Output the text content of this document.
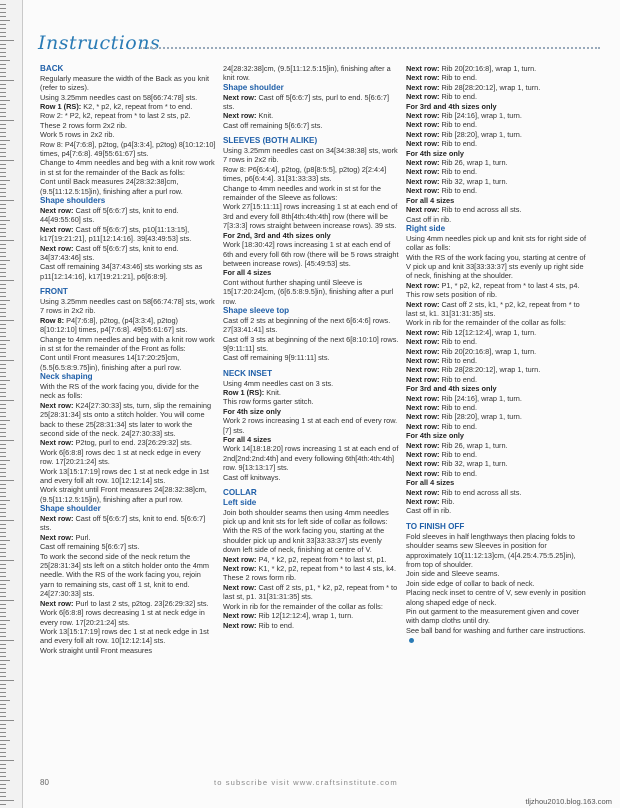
Instructions

BACK

Regularly measure the width of the Back as you knit (refer to sizes).

Using 3.25mm needles cast on 58[66:74:78] sts.

Row 1 (RS): K2, * p2, k2, repeat from * to end.

Row 2: * P2, k2, repeat from * to last 2 sts, p2.

These 2 rows form 2x2 rib.

Work 5 rows in 2x2 rib.

Row 8: P4[7:6:8], p2tog, (p4[3:3:4], p2tog) 8[10:12:10] times, p4[7:6:8]. 49[55:61:67] sts.

Change to 4mm needles and beg with a knit row work in st st for the remainder of the Back as folls:

Cont until Back measures 24[28:32:38]cm, (9.5[11:12.5:15]in), finishing after a purl row.

Shape shoulders

Next row: Cast off 5[6:6:7] sts, knit to end. 44[49:55:60] sts.

Next row: Cast off 5[6:6:7] sts, p10[11:13:15], k17[19:21:21], p11[12:14:16]. 39[43:49:53] sts.

Next row: Cast off 5[6:6:7] sts, knit to end. 34[37:43:46] sts.

Cast off remaining 34[37:43:46] sts working sts as p11[12:14:16], k17[19:21:21], p6[6:8:9].

FRONT

Using 3.25mm needles cast on 58[66:74:78] sts, work 7 rows in 2x2 rib.

Row 8: P4[7:6:8], p2tog, (p4[3:3:4], p2tog) 8[10:12:10] times, p4[7:6:8]. 49[55:61:67] sts.

Change to 4mm needles and beg with a knit row work in st st for the remainder of the Front as folls:

Cont until Front measures 14[17:20:25]cm, (5.5[6.5:8:9.75]in), finishing after a purl row.

Neck shaping

With the RS of the work facing you, divide for the neck as folls:

Next row: K24[27:30:33] sts, turn, slip the remaining 25[28:31:34] sts onto a stitch holder. You will come back to these 25[28:31:34] sts later to work the second side of the neck. 24[27:30:33] sts.

Next row: P2tog, purl to end. 23[26:29:32] sts.

Work 6[6:8:8] rows dec 1 st at neck edge in every row. 17[20:21:24] sts.

Work 13[15:17:19] rows dec 1 st at neck edge in 1st and every foll alt row. 10[12:12:14] sts.

Work straight until Front measures 24[28:32:38]cm, (9.5[11:12.5:15]in), finishing after a purl row.

Shape shoulder

Next row: Cast off 5[6:6:7] sts, knit to end. 5[6:6:7] sts.

Next row: Purl.

Cast off remaining 5[6:6:7] sts.

To work the second side of the neck return the 25[28:31:34] sts left on a stitch holder onto the 4mm needle. With the RS of the work facing you, rejoin yarn to remaining sts, cast off 1 st, knit to end. 24[27:30:33] sts.

Next row: Purl to last 2 sts, p2tog. 23[26:29:32] sts.

Work 6[6:8:8] rows decreasing 1 st at neck edge in every row. 17[20:21:24] sts.

Work 13[15:17:19] rows dec 1 st at neck edge in 1st and every foll alt row. 10[12:12:14] sts.

Work straight until Front measures

24[28:32:38]cm, (9.5[11:12.5:15]in), finishing after a knit row.

Shape shoulder

Next row: Cast off 5[6:6:7] sts, purl to end. 5[6:6:7] sts.

Next row: Knit.

Cast off remaining 5[6:6:7] sts.

SLEEVES (BOTH ALIKE)

Using 3.25mm needles cast on 34[34:38:38] sts, work 7 rows in 2x2 rib.

Row 8: P6[6:4:4], p2tog, (p8[8:5:5], p2tog) 2[2:4:4] times, p6[6:4:4]. 31[31:33:33] sts.

Change to 4mm needles and work in st st for the remainder of the Sleeve as follows:

Work 27[15:11:11] rows increasing 1 st at each end of 3rd and every foll 8th[4th:4th:4th] row (there will be 7[3:3:3] rows straight between increase rows). 39 sts.

For 2nd, 3rd and 4th sizes only

Work [18:30:42] rows increasing 1 st at each end of 6th and every foll 6th row (there will be 5 rows straight between increase rows). [45:49:53] sts.

For all 4 sizes

Cont without further shaping until Sleeve is 15[17:20:24]cm, (6[6.5:8:9.5]in), finishing after a purl row.

Shape sleeve top

Cast off 2 sts at beginning of the next 6[6:4:6] rows. 27[33:41:41] sts.

Cast off 3 sts at beginning of the next 6[8:10:10] rows. 9[9:11:11] sts.

Cast off remaining 9[9:11:11] sts.

NECK INSET

Using 4mm needles cast on 3 sts.

Row 1 (RS): Knit.

This row forms garter stitch.

For 4th size only

Work 2 rows increasing 1 st at each end of every row. [7] sts.

For all 4 sizes

Work 14[18:18:20] rows increasing 1 st at each end of 2nd[2nd:2nd:4th] and every following 6th[4th:4th:4th] row. 9[13:13:17] sts.

Cast off knitways.

COLLAR

Left side

Join both shoulder seams then using 4mm needles pick up and knit sts for left side of collar as follows:

With the RS of the work facing you, starting at the shoulder pick up and knit 33[33:33:37] sts evenly down left side of neck, finishing at centre of V.

Next row: P4, * k2, p2, repeat from * to last st, p1.

Next row: K1, * k2, p2, repeat from * to last 4 sts, k4.

These 2 rows form rib.

Next row: Cast off 2 sts, p1, * k2, p2, repeat from * to last st, p1. 31[31:31:35] sts.

Work in rib for the remainder of the collar as folls:

Next row: Rib 12[12:12:4], wrap 1, turn.

Next row: Rib to end.

Next row: Rib 20[20:16:8], wrap 1, turn.

Next row: Rib to end.

Next row: Rib 28[28:20:12], wrap 1, turn.

Next row: Rib to end.

For 3rd and 4th sizes only

Next row: Rib [24:16], wrap 1, turn.

Next row: Rib to end.

Next row: Rib [28:20], wrap 1, turn.

Next row: Rib to end.

For 4th size only

Next row: Rib 26, wrap 1, turn.

Next row: Rib to end.

Next row: Rib 32, wrap 1, turn.

Next row: Rib to end.

For all 4 sizes

Next row: Rib to end across all sts.

Cast off in rib.

Right side

Using 4mm needles pick up and knit sts for right side of collar as folls:

With the RS of the work facing you, starting at centre of V pick up and knit 33[33:33:37] sts evenly up right side of neck, finishing at the shoulder.

Next row: P1, * p2, k2, repeat from * to last 4 sts, p4.

This row sets position of rib.

Next row: Cast off 2 sts, k1, * p2, k2, repeat from * to last st, k1. 31[31:31:35] sts.

Work in rib for the remainder of the collar as folls:

Next row: Rib 12[12:12:4], wrap 1, turn.

Next row: Rib to end.

Next row: Rib 20[20:16:8], wrap 1, turn.

Next row: Rib to end.

Next row: Rib 28[28:20:12], wrap 1, turn.

Next row: Rib to end.

For 3rd and 4th sizes only

Next row: Rib [24:16], wrap 1, turn.

Next row: Rib to end.

Next row: Rib [28:20], wrap 1, turn.

Next row: Rib to end.

For 4th size only

Next row: Rib 26, wrap 1, turn.

Next row: Rib to end.

Next row: Rib 32, wrap 1, turn.

Next row: Rib to end.

For all 4 sizes

Next row: Rib to end across all sts.

Next row: Rib.

Cast off in rib.

TO FINISH OFF

Fold sleeves in half lengthways then placing folds to shoulder seams sew Sleeves in position for approximately 10[11:12:13]cm, (4[4.25:4.75:5.25]in), from top of shoulder.

Join side and Sleeve seams.

Join side edge of collar to back of neck.

Placing neck inset to centre of V, sew evenly in position along shaped edge of neck.

Pin out garment to the measurement given and cover with damp cloths until dry.

See ball band for washing and further care instructions.

80	to subscribe visit www.craftsinstitute.com
tljzhou2010.blog.163.com
